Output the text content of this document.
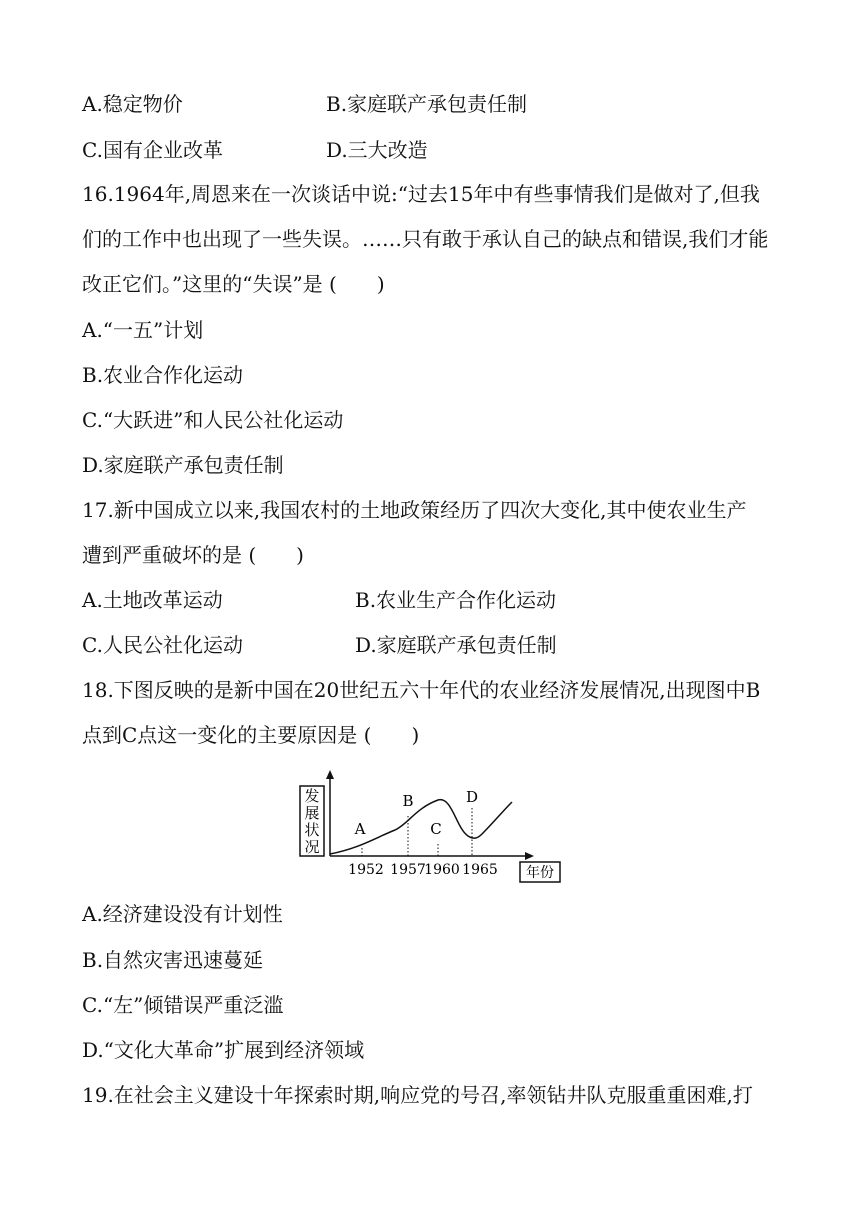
A.稳定物价	B.家庭联产承包责任制
C.国有企业改革	D.三大改造
16.1964年,周恩来在一次谈话中说:“过去15年中有些事情我们是做对了,但我
们的工作中也出现了一些失误。……只有敢于承认自己的缺点和错误,我们才能
改正它们。”这里的“失误”是 (　　)
A.“一五”计划
B.农业合作化运动
C.“大跃进”和人民公社化运动
D.家庭联产承包责任制
17.新中国成立以来,我国农村的土地政策经历了四次大变化,其中使农业生产
遭到严重破坏的是 (　　)
A.土地改革运动	B.农业生产合作化运动
C.人民公社化运动	D.家庭联产承包责任制
18.下图反映的是新中国在20世纪五六十年代的农业经济发展情况,出现图中B
点到C点这一变化的主要原因是 (　　)
发
展
状
况
A
B
C
D
1952 1957
1960 1965 年份
A.经济建设没有计划性
B.自然灾害迅速蔓延
C.“左”倾错误严重泛滥
D.“文化大革命”扩展到经济领域
19.在社会主义建设十年探索时期,响应党的号召,率领钻井队克服重重困难,打
